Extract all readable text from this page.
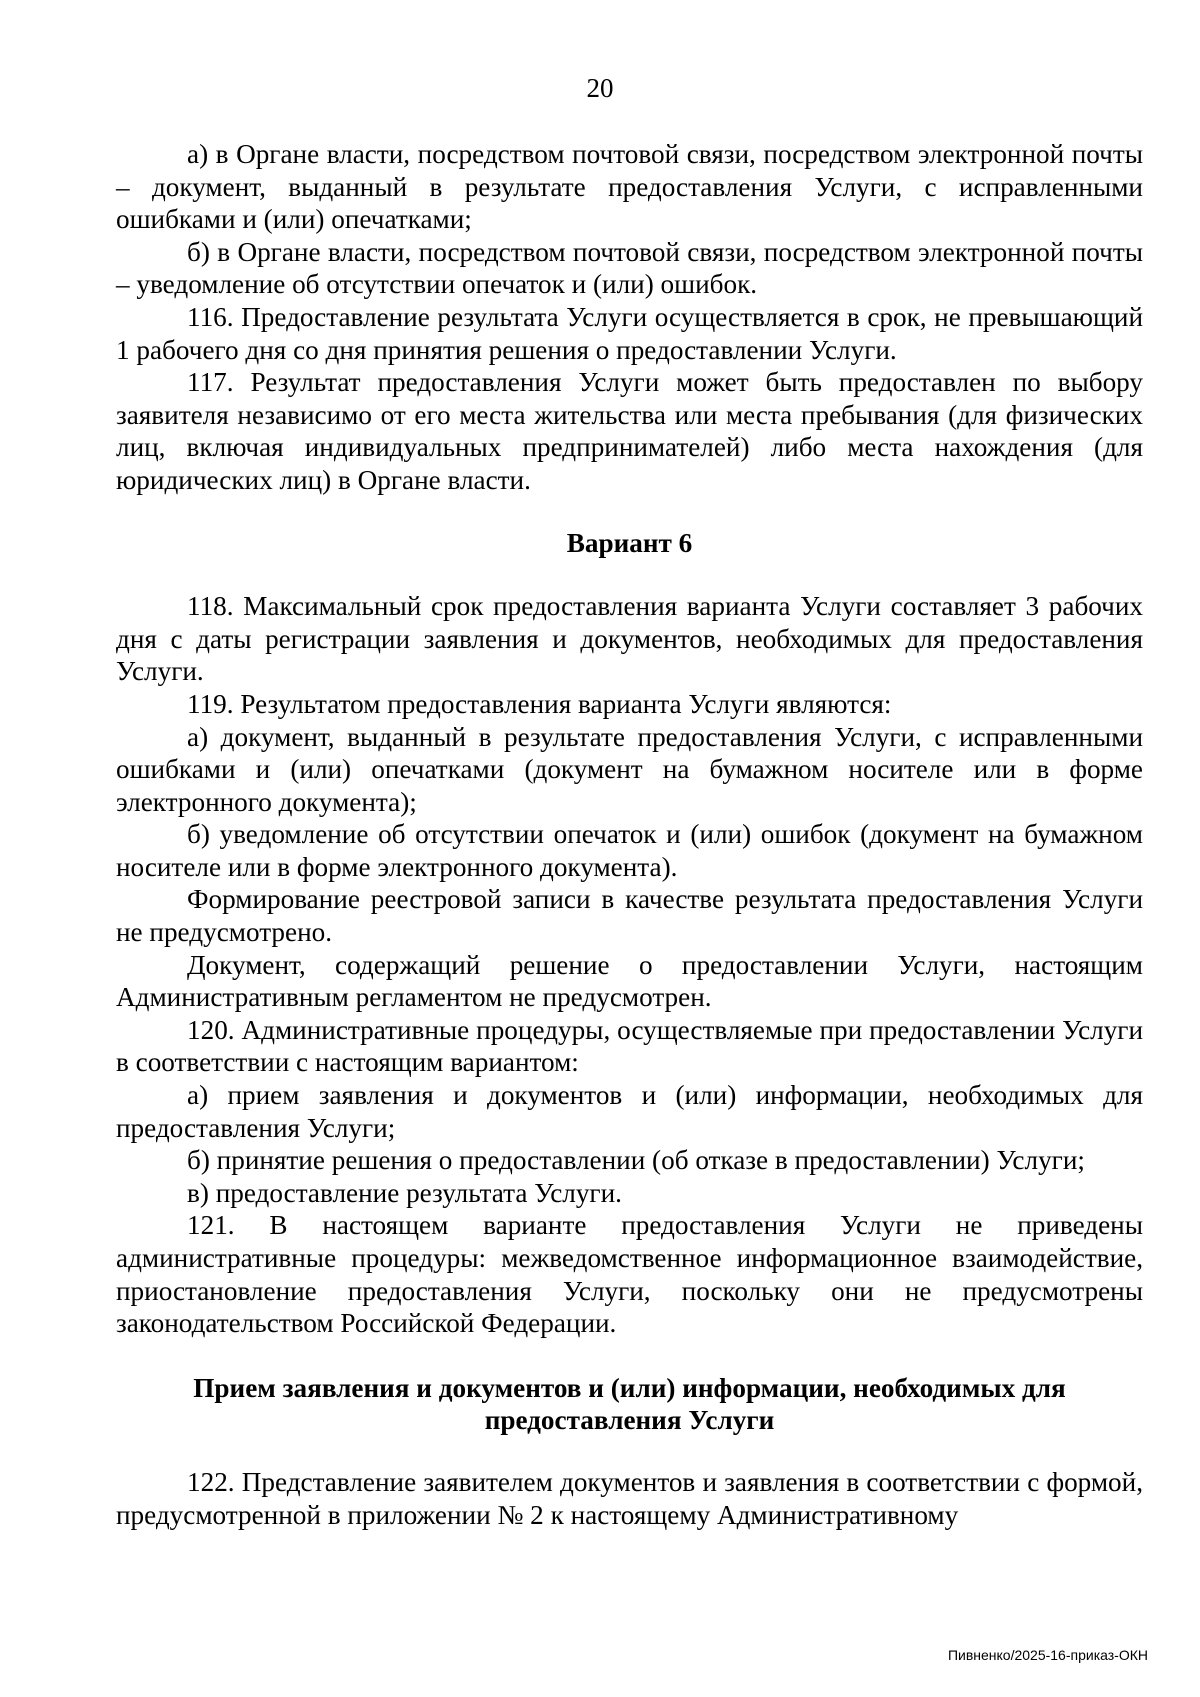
20

а) в Органе власти, посредством почтовой связи, посредством электронной почты – документ, выданный в результате предоставления Услуги, с исправленными ошибками и (или) опечатками;

б) в Органе власти, посредством почтовой связи, посредством электронной почты – уведомление об отсутствии опечаток и (или) ошибок.

116. Предоставление результата Услуги осуществляется в срок, не превышающий 1 рабочего дня со дня принятия решения о предоставлении Услуги.

117. Результат предоставления Услуги может быть предоставлен по выбору заявителя независимо от его места жительства или места пребывания (для физических лиц, включая индивидуальных предпринимателей) либо места нахождения (для юридических лиц) в Органе власти.

Вариант 6

118. Максимальный срок предоставления варианта Услуги составляет 3 рабочих дня с даты регистрации заявления и документов, необходимых для предоставления Услуги.

119. Результатом предоставления варианта Услуги являются:

а) документ, выданный в результате предоставления Услуги, с исправленными ошибками и (или) опечатками (документ на бумажном носителе или в форме электронного документа);

б) уведомление об отсутствии опечаток и (или) ошибок (документ на бумажном носителе или в форме электронного документа).

Формирование реестровой записи в качестве результата предоставления Услуги не предусмотрено.

Документ, содержащий решение о предоставлении Услуги, настоящим Административным регламентом не предусмотрен.

120. Административные процедуры, осуществляемые при предоставлении Услуги в соответствии с настоящим вариантом:

а) прием заявления и документов и (или) информации, необходимых для предоставления Услуги;

б) принятие решения о предоставлении (об отказе в предоставлении) Услуги;

в) предоставление результата Услуги.

121. В настоящем варианте предоставления Услуги не приведены административные процедуры: межведомственное информационное взаимодействие, приостановление предоставления Услуги, поскольку они не предусмотрены законодательством Российской Федерации.

Прием заявления и документов и (или) информации, необходимых для
предоставления Услуги

122. Представление заявителем документов и заявления в соответствии с формой, предусмотренной в приложении № 2 к настоящему Административному

Пивненко/2025-16-приказ-ОКН
